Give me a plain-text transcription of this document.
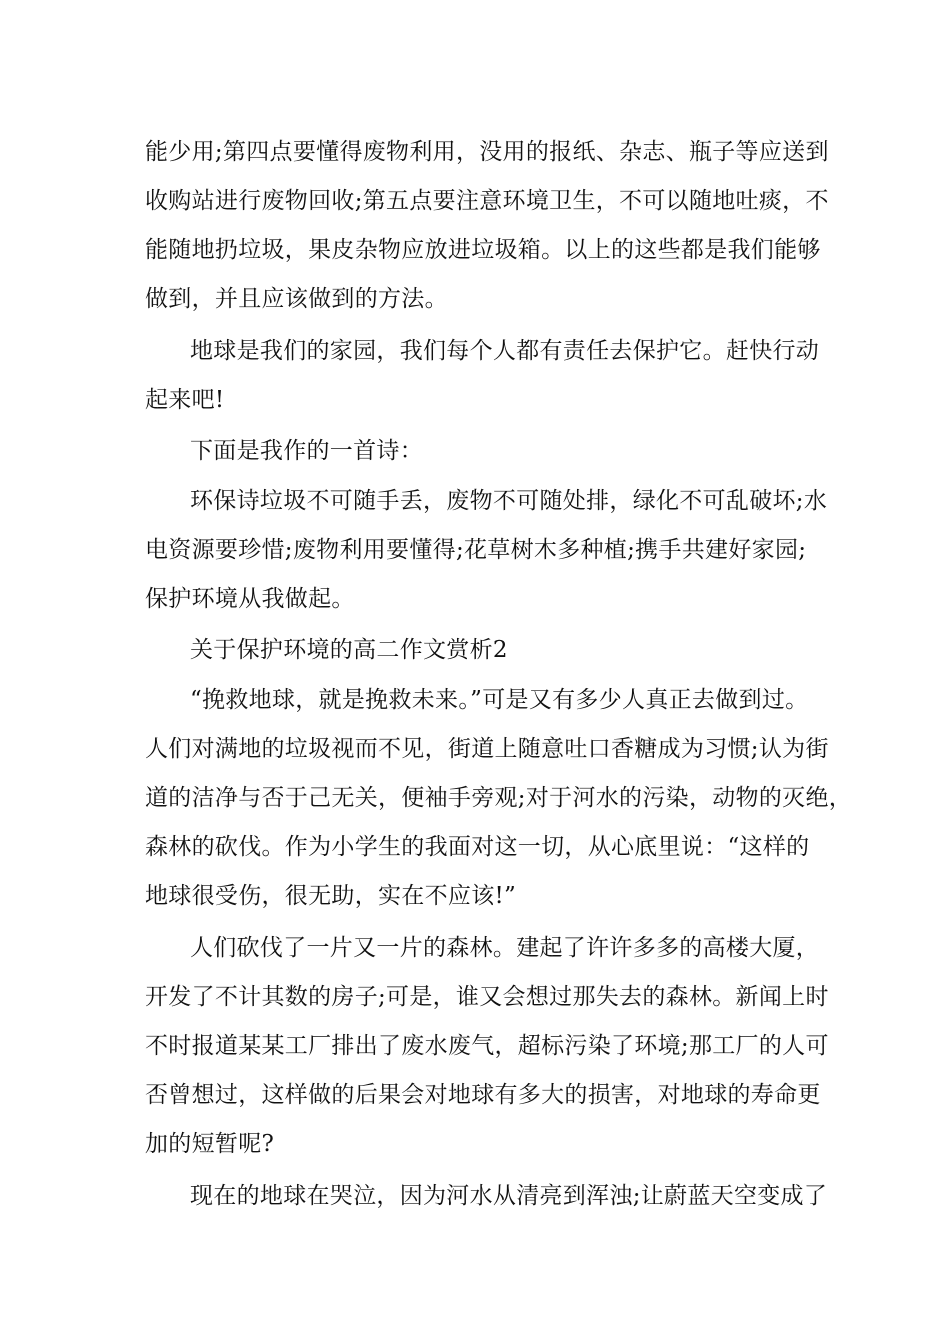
能少用;第四点要懂得废物利用，没用的报纸、杂志、瓶子等应送到
收购站进行废物回收;第五点要注意环境卫生，不可以随地吐痰，不
能随地扔垃圾，果皮杂物应放进垃圾箱。以上的这些都是我们能够
做到，并且应该做到的方法。
地球是我们的家园，我们每个人都有责任去保护它。赶快行动
起来吧!
下面是我作的一首诗：
环保诗垃圾不可随手丢，废物不可随处排，绿化不可乱破坏;水
电资源要珍惜;废物利用要懂得;花草树木多种植;携手共建好家园;
保护环境从我做起。
关于保护环境的高二作文赏析2
“挽救地球，就是挽救未来。”可是又有多少人真正去做到过。
人们对满地的垃圾视而不见，街道上随意吐口香糖成为习惯;认为街
道的洁净与否于己无关，便袖手旁观;对于河水的污染，动物的灭绝，
森林的砍伐。作为小学生的我面对这一切，从心底里说：“这样的
地球很受伤，很无助，实在不应该!”
人们砍伐了一片又一片的森林。建起了许许多多的高楼大厦，
开发了不计其数的房子;可是，谁又会想过那失去的森林。新闻上时
不时报道某某工厂排出了废水废气，超标污染了环境;那工厂的人可
否曾想过，这样做的后果会对地球有多大的损害，对地球的寿命更
加的短暂呢?
现在的地球在哭泣，因为河水从清亮到浑浊;让蔚蓝天空变成了
